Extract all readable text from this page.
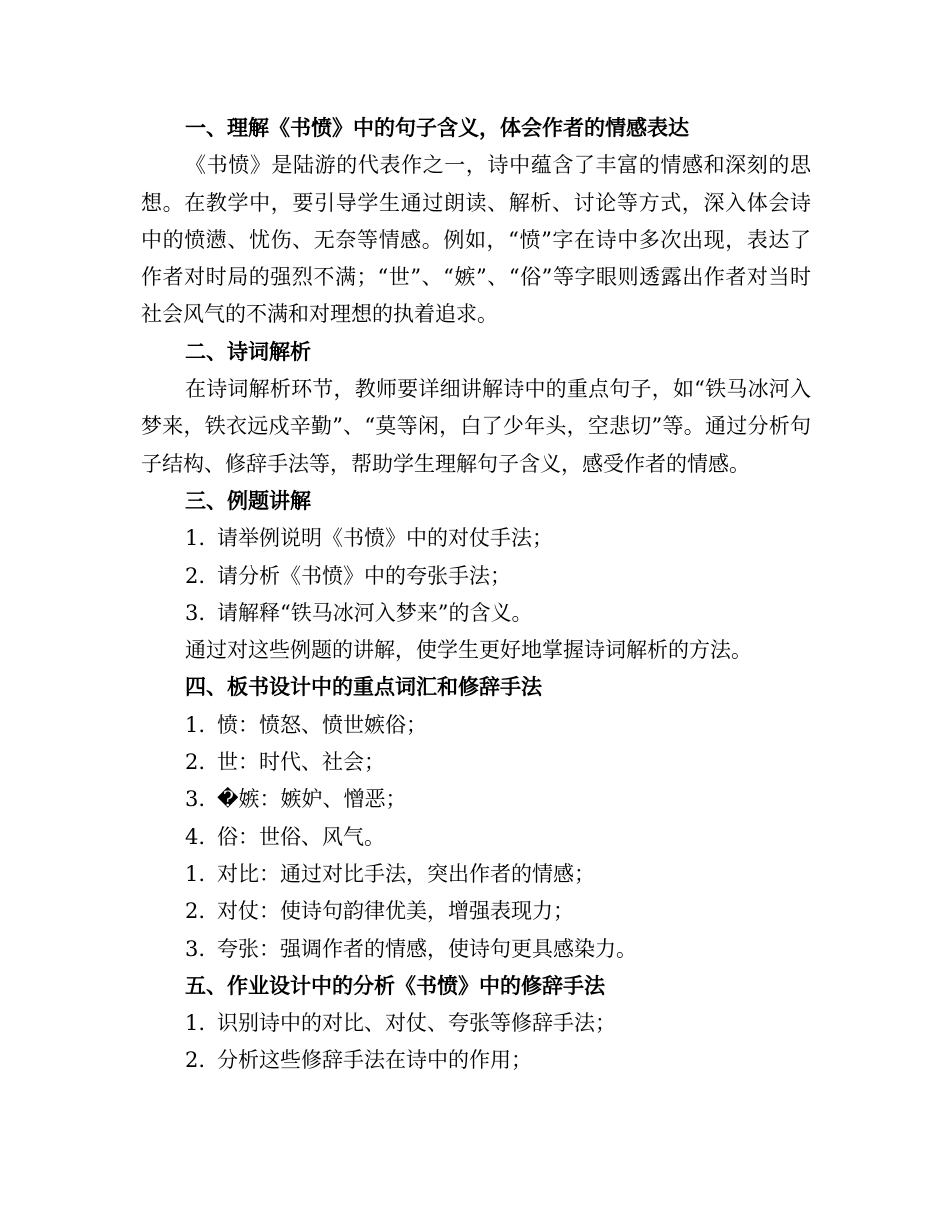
一、理解《书愤》中的句子含义，体会作者的情感表达
《书愤》是陆游的代表作之一，诗中蕴含了丰富的情感和深刻的思想。在教学中，要引导学生通过朗读、解析、讨论等方式，深入体会诗中的愤懑、忧伤、无奈等情感。例如，“愤”字在诗中多次出现，表达了作者对时局的强烈不满；“世”、“嫉”、“俗”等字眼则透露出作者对当时社会风气的不满和对理想的执着追求。
二、诗词解析
在诗词解析环节，教师要详细讲解诗中的重点句子，如“铁马冰河入梦来，铁衣远戍辛勤”、“莫等闲，白了少年头，空悲切”等。通过分析句子结构、修辞手法等，帮助学生理解句子含义，感受作者的情感。
三、例题讲解
1. 请举例说明《书愤》中的对仗手法；
2. 请分析《书愤》中的夸张手法；
3. 请解释“铁马冰河入梦来”的含义。
通过对这些例题的讲解，使学生更好地掌握诗词解析的方法。
四、板书设计中的重点词汇和修辞手法
1. 愤：愤怒、愤世嫉俗；
2. 世：时代、社会；
3. �嫉：嫉妒、憎恶；
4. 俗：世俗、风气。
1. 对比：通过对比手法，突出作者的情感；
2. 对仗：使诗句韵律优美，增强表现力；
3. 夸张：强调作者的情感，使诗句更具感染力。
五、作业设计中的分析《书愤》中的修辞手法
1. 识别诗中的对比、对仗、夸张等修辞手法；
2. 分析这些修辞手法在诗中的作用；
